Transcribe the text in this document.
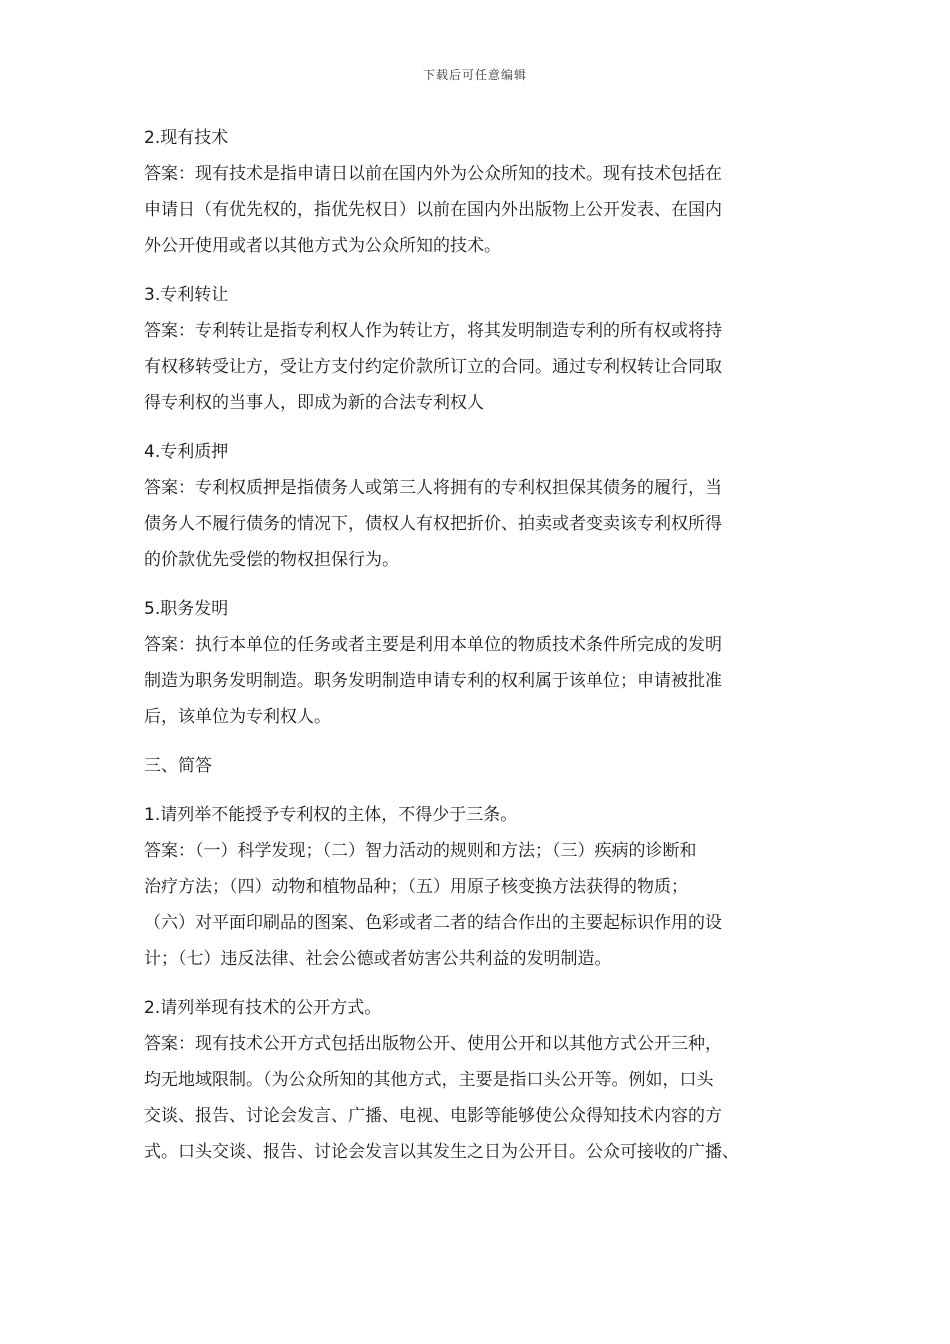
下载后可任意编辑
2.现有技术
答案：现有技术是指申请日以前在国内外为公众所知的技术。现有技术包括在
申请日（有优先权的，指优先权日）以前在国内外出版物上公开发表、在国内
外公开使用或者以其他方式为公众所知的技术。
3.专利转让
答案：专利转让是指专利权人作为转让方，将其发明制造专利的所有权或将持
有权移转受让方，受让方支付约定价款所订立的合同。通过专利权转让合同取
得专利权的当事人，即成为新的合法专利权人
4.专利质押
答案：专利权质押是指债务人或第三人将拥有的专利权担保其债务的履行，当
债务人不履行债务的情况下，债权人有权把折价、拍卖或者变卖该专利权所得
的价款优先受偿的物权担保行为。
5.职务发明
答案：执行本单位的任务或者主要是利用本单位的物质技术条件所完成的发明
制造为职务发明制造。职务发明制造申请专利的权利属于该单位；申请被批准
后，该单位为专利权人。
三、简答
1.请列举不能授予专利权的主体，不得少于三条。
答案：（一）科学发现；（二）智力活动的规则和方法；（三）疾病的诊断和
治疗方法；（四）动物和植物品种；（五）用原子核变换方法获得的物质；
（六）对平面印刷品的图案、色彩或者二者的结合作出的主要起标识作用的设
计；（七）违反法律、社会公德或者妨害公共利益的发明制造。
2.请列举现有技术的公开方式。
答案：现有技术公开方式包括出版物公开、使用公开和以其他方式公开三种，
均无地域限制。（为公众所知的其他方式，主要是指口头公开等。例如，口头
交谈、报告、讨论会发言、广播、电视、电影等能够使公众得知技术内容的方
式。口头交谈、报告、讨论会发言以其发生之日为公开日。公众可接收的广播、
